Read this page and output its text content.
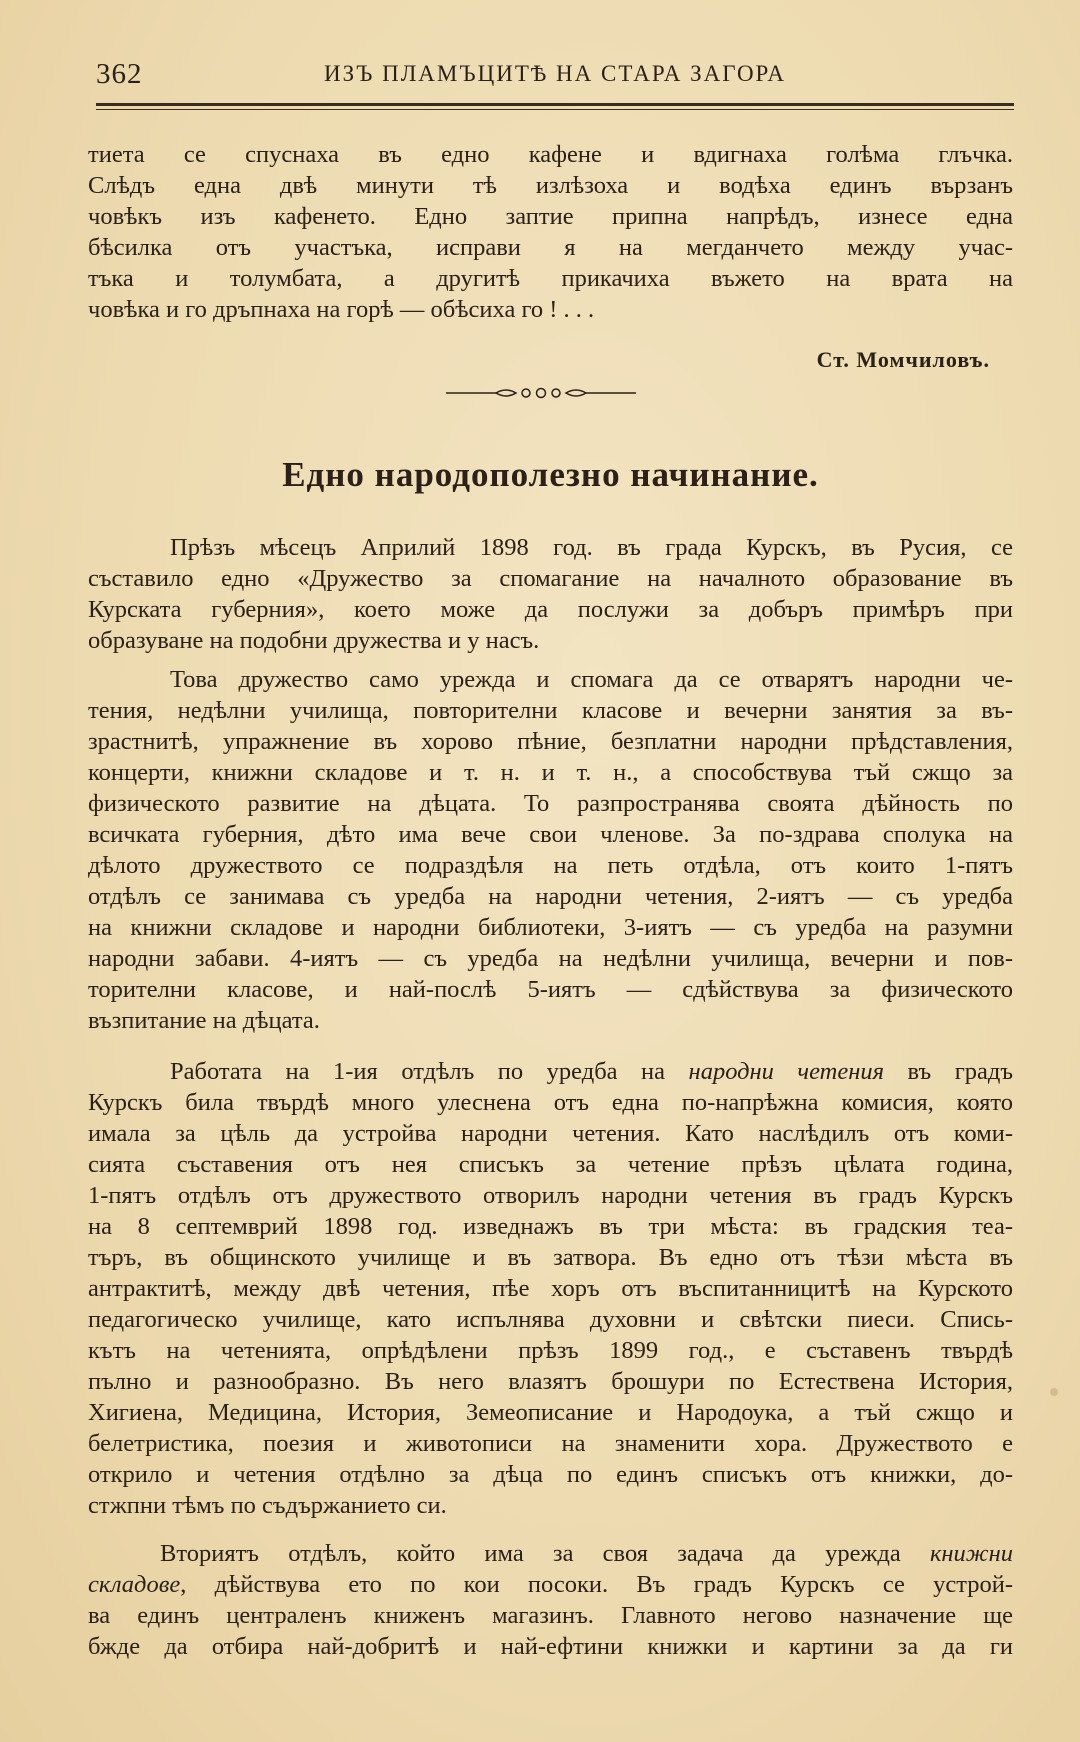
362	ИЗЪ ПЛАМЪЦИТѢ НА СТАРА ЗАГОРА
тиета се спуснаха въ едно кафене и вдигнаха голѣма глъчка.
Слѣдъ една двѣ минути тѣ излѣзоха и водѣха единъ вързанъ
човѣкъ изъ кафенето. Едно заптие припна напрѣдъ, изнесе една
бѣсилка отъ участъка, исправи я на мегданчето между учас-
тъка и толумбата, а другитѣ прикачиха въжето на врата на
човѣка и го дръпнаха на горѣ — обѣсиха го ! . . .
Ст. Момчиловъ.
Едно народополезно начинание.
Прѣзъ мѣсецъ Априлий 1898 год. въ града Курскъ, въ Русия, се
съставило едно «Дружество за спомагание на началното образование въ
Курската губерния», което може да послужи за добъръ примѣръ при
образуване на подобни дружества и у насъ.
Това дружество само урежда и спомага да се отварятъ народни че-
тения, недѣлни училища, повторителни класове и вечерни занятия за въ-
зрастнитѣ, упражнение въ хорово пѣние, безплатни народни прѣдставления,
концерти, книжни складове и т. н. и т. н., а способствува тъй сжщо за
физическото развитие на дѣцата. То разпространява своята дѣйность по
всичката губерния, дѣто има вече свои членове. За по-здрава сполука на
дѣлото дружеството се подраздѣля на петь отдѣла, отъ които 1-пятъ
отдѣлъ се занимава съ уредба на народни четения, 2-иятъ — съ уредба
на книжни складове и народни библиотеки, 3-иятъ — съ уредба на разумни
народни забави. 4-иятъ — съ уредба на недѣлни училища, вечерни и пов-
торителни класове, и най-послѣ 5-иятъ — сдѣйствува за физическото
възпитание на дѣцата.
Работата на 1-ия отдѣлъ по уредба на народни четения въ градъ
Курскъ била твърдѣ много улеснена отъ една по-напрѣжна комисия, която
имала за цѣль да устройва народни четения. Като наслѣдилъ отъ коми-
сията съставения отъ нея списъкъ за четение прѣзъ цѣлата година,
1-пятъ отдѣлъ отъ дружеството отворилъ народни четения въ градъ Курскъ
на 8 септемврий 1898 год. изведнажъ въ три мѣста: въ градския теа-
търъ, въ общинското училище и въ затвора. Въ едно отъ тѣзи мѣста въ
антрактитѣ, между двѣ четения, пѣе хоръ отъ въспитанницитѣ на Курското
педагогическо училище, като испълнява духовни и свѣтски пиеси. Спись-
кътъ на четенията, опрѣдѣлени прѣзъ 1899 год., е съставенъ твърдѣ
пълно и разнообразно. Въ него влазятъ брошури по Естествена История,
Хигиена, Медицина, История, Земеописание и Народоука, а тъй сжщо и
белетристика, поезия и животописи на знаменити хора. Дружеството е
открило и четения отдѣлно за дѣца по единъ списъкъ отъ книжки, до-
стжпни тѣмъ по съдържанието си.
Вториятъ отдѣлъ, който има за своя задача да урежда книжни
складове, дѣйствува ето по кои посоки. Въ градъ Курскъ се устрой-
ва единъ централенъ книженъ магазинъ. Главното негово назначение ще
бжде да отбира най-добритѣ и най-ефтини книжки и картини за да ги
